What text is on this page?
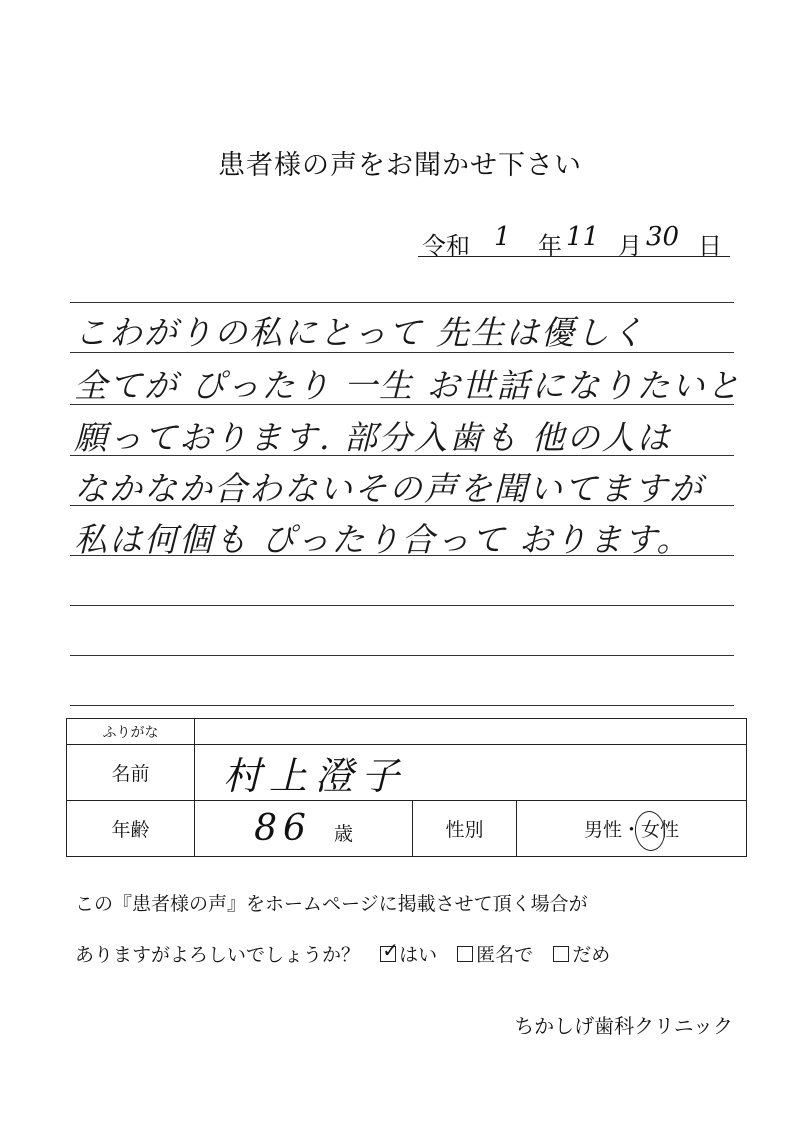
患者様の声をお聞かせ下さい
令和 1 年 11 月 30 日
こわがりの私にとって 先生は優しく
全てが ぴったり 一生 お世話になりたいと
願っております. 部分入歯も 他の人は
なかなか合わないその声を聞いてますが
私は何個も ぴったり合って おります。
ふりがな			
名前	村上澄子		
年齢	86 歳	性別	男性・女性
この『患者様の声』をホームページに掲載させて頂く場合が
ありますがよろしいでしょうか？ ✓ はい 匿名で だめ
ちかしげ歯科クリニック
